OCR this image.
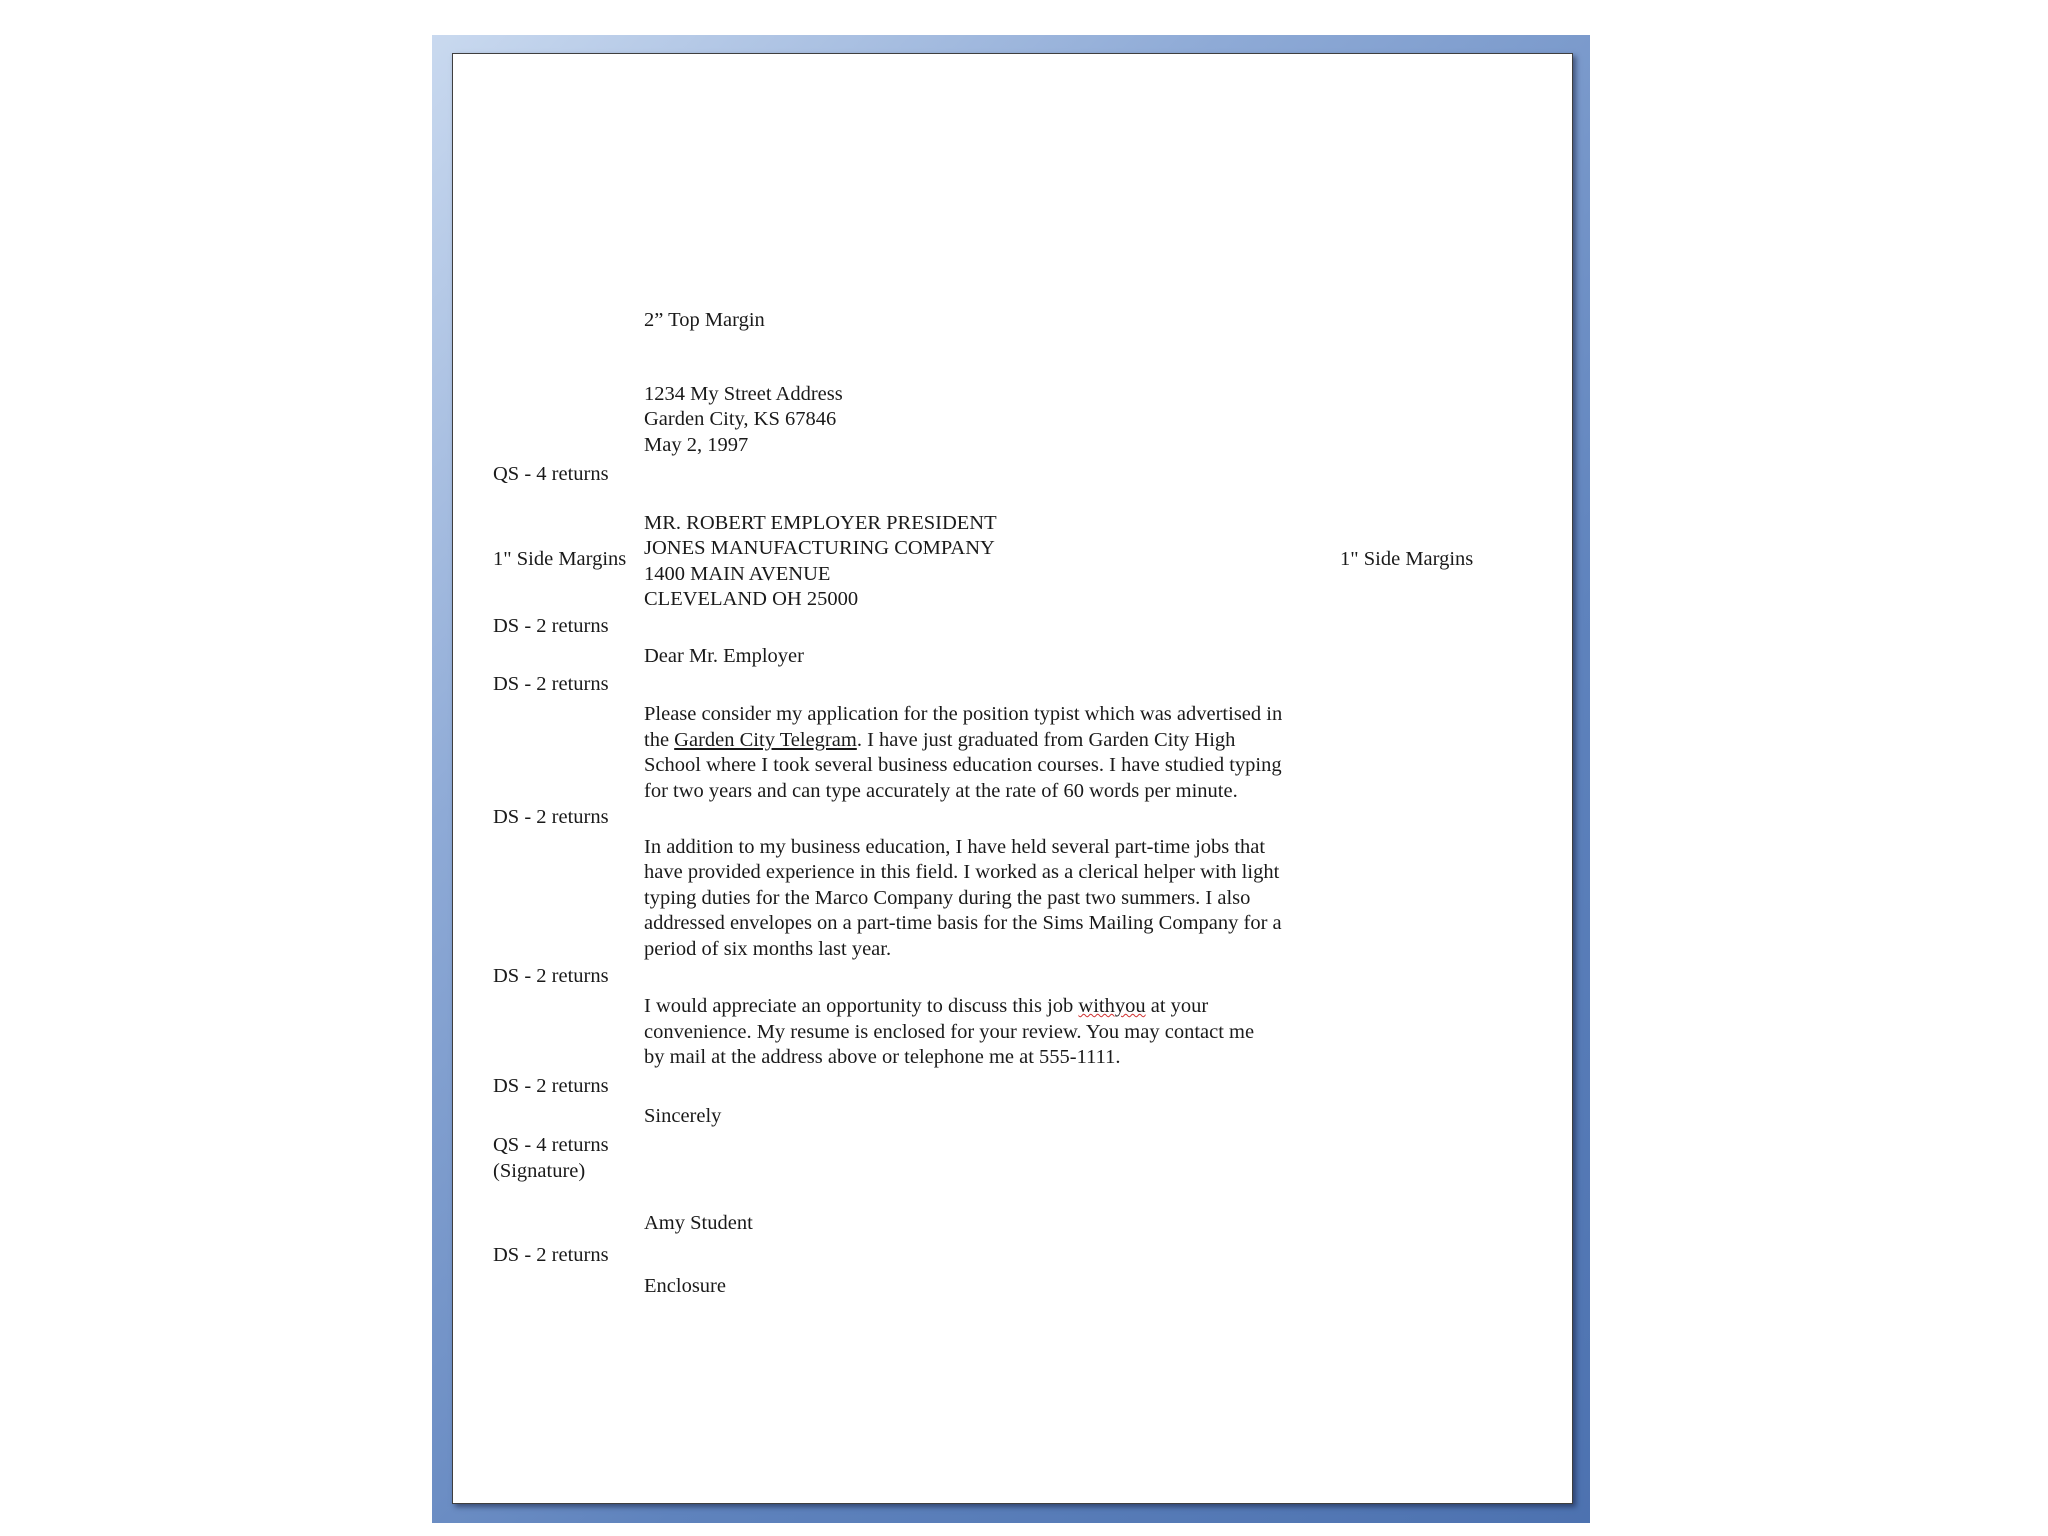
2” Top Margin
1234 My Street Address
Garden City, KS 67846
May 2, 1997
QS - 4 returns
MR. ROBERT EMPLOYER PRESIDENT
JONES MANUFACTURING COMPANY
1400 MAIN AVENUE
CLEVELAND OH 25000
1" Side Margins	1" Side Margins
DS - 2 returns
Dear Mr. Employer
DS - 2 returns
Please consider my application for the position typist which was advertised in
the Garden City Telegram. I have just graduated from Garden City High
School where I took several business education courses. I have studied typing
for two years and can type accurately at the rate of 60 words per minute.
DS - 2 returns
In addition to my business education, I have held several part-time jobs that
have provided experience in this field. I worked as a clerical helper with light
typing duties for the Marco Company during the past two summers. I also
addressed envelopes on a part-time basis for the Sims Mailing Company for a
period of six months last year.
DS - 2 returns
I would appreciate an opportunity to discuss this job withyou at your
convenience. My resume is enclosed for your review. You may contact me
by mail at the address above or telephone me at 555-1111.
DS - 2 returns
Sincerely
QS - 4 returns
(Signature)
Amy Student
DS - 2 returns
Enclosure
